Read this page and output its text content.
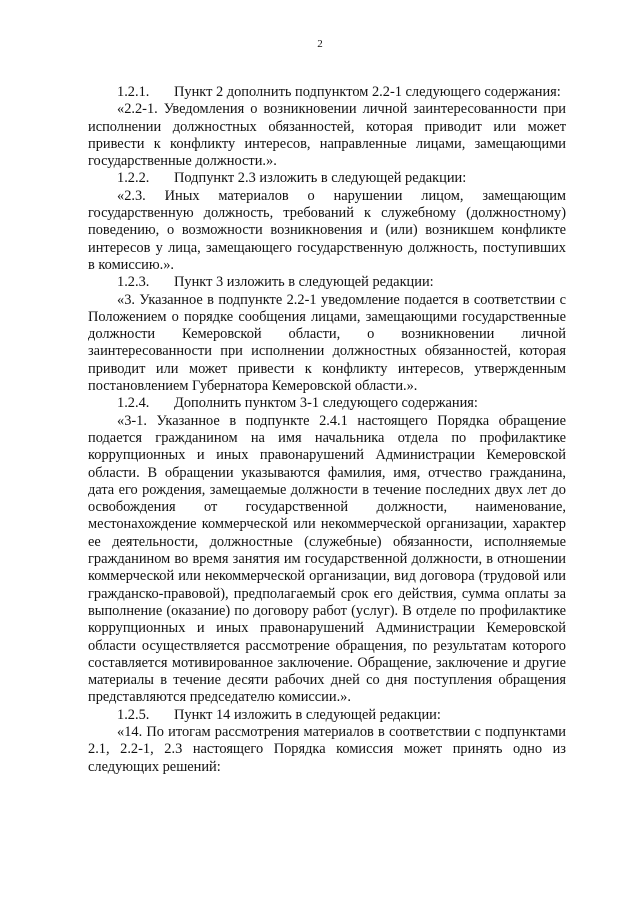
2

1.2.1. Пункт 2 дополнить подпунктом 2.2-1 следующего содержания:

«2.2-1. Уведомления о возникновении личной заинтересованности при исполнении должностных обязанностей, которая приводит или может привести к конфликту интересов, направленные лицами, замещающими государственные должности.».

1.2.2. Подпункт 2.3 изложить в следующей редакции:

«2.3. Иных материалов о нарушении лицом, замещающим государственную должность, требований к служебному (должностному) поведению, о возможности возникновения и (или) возникшем конфликте интересов у лица, замещающего государственную должность, поступивших в комиссию.».

1.2.3. Пункт 3 изложить в следующей редакции:

«3. Указанное в подпункте 2.2-1 уведомление подается в соответствии с Положением о порядке сообщения лицами, замещающими государственные должности Кемеровской области, о возникновении личной заинтересованности при исполнении должностных обязанностей, которая приводит или может привести к конфликту интересов, утвержденным постановлением Губернатора Кемеровской области.».

1.2.4. Дополнить пунктом 3-1 следующего содержания:

«3-1. Указанное в подпункте 2.4.1 настоящего Порядка обращение подается гражданином на имя начальника отдела по профилактике коррупционных и иных правонарушений Администрации Кемеровской области. В обращении указываются фамилия, имя, отчество гражданина, дата его рождения, замещаемые должности в течение последних двух лет до освобождения от государственной должности, наименование, местонахождение коммерческой или некоммерческой организации, характер ее деятельности, должностные (служебные) обязанности, исполняемые гражданином во время занятия им государственной должности, в отношении коммерческой или некоммерческой организации, вид договора (трудовой или гражданско-правовой), предполагаемый срок его действия, сумма оплаты за выполнение (оказание) по договору работ (услуг). В отделе по профилактике коррупционных и иных правонарушений Администрации Кемеровской области осуществляется рассмотрение обращения, по результатам которого составляется мотивированное заключение. Обращение, заключение и другие материалы в течение десяти рабочих дней со дня поступления обращения представляются председателю комиссии.».

1.2.5. Пункт 14 изложить в следующей редакции:

«14. По итогам рассмотрения материалов в соответствии с подпунктами 2.1, 2.2-1, 2.3 настоящего Порядка комиссия может принять одно из следующих решений:
